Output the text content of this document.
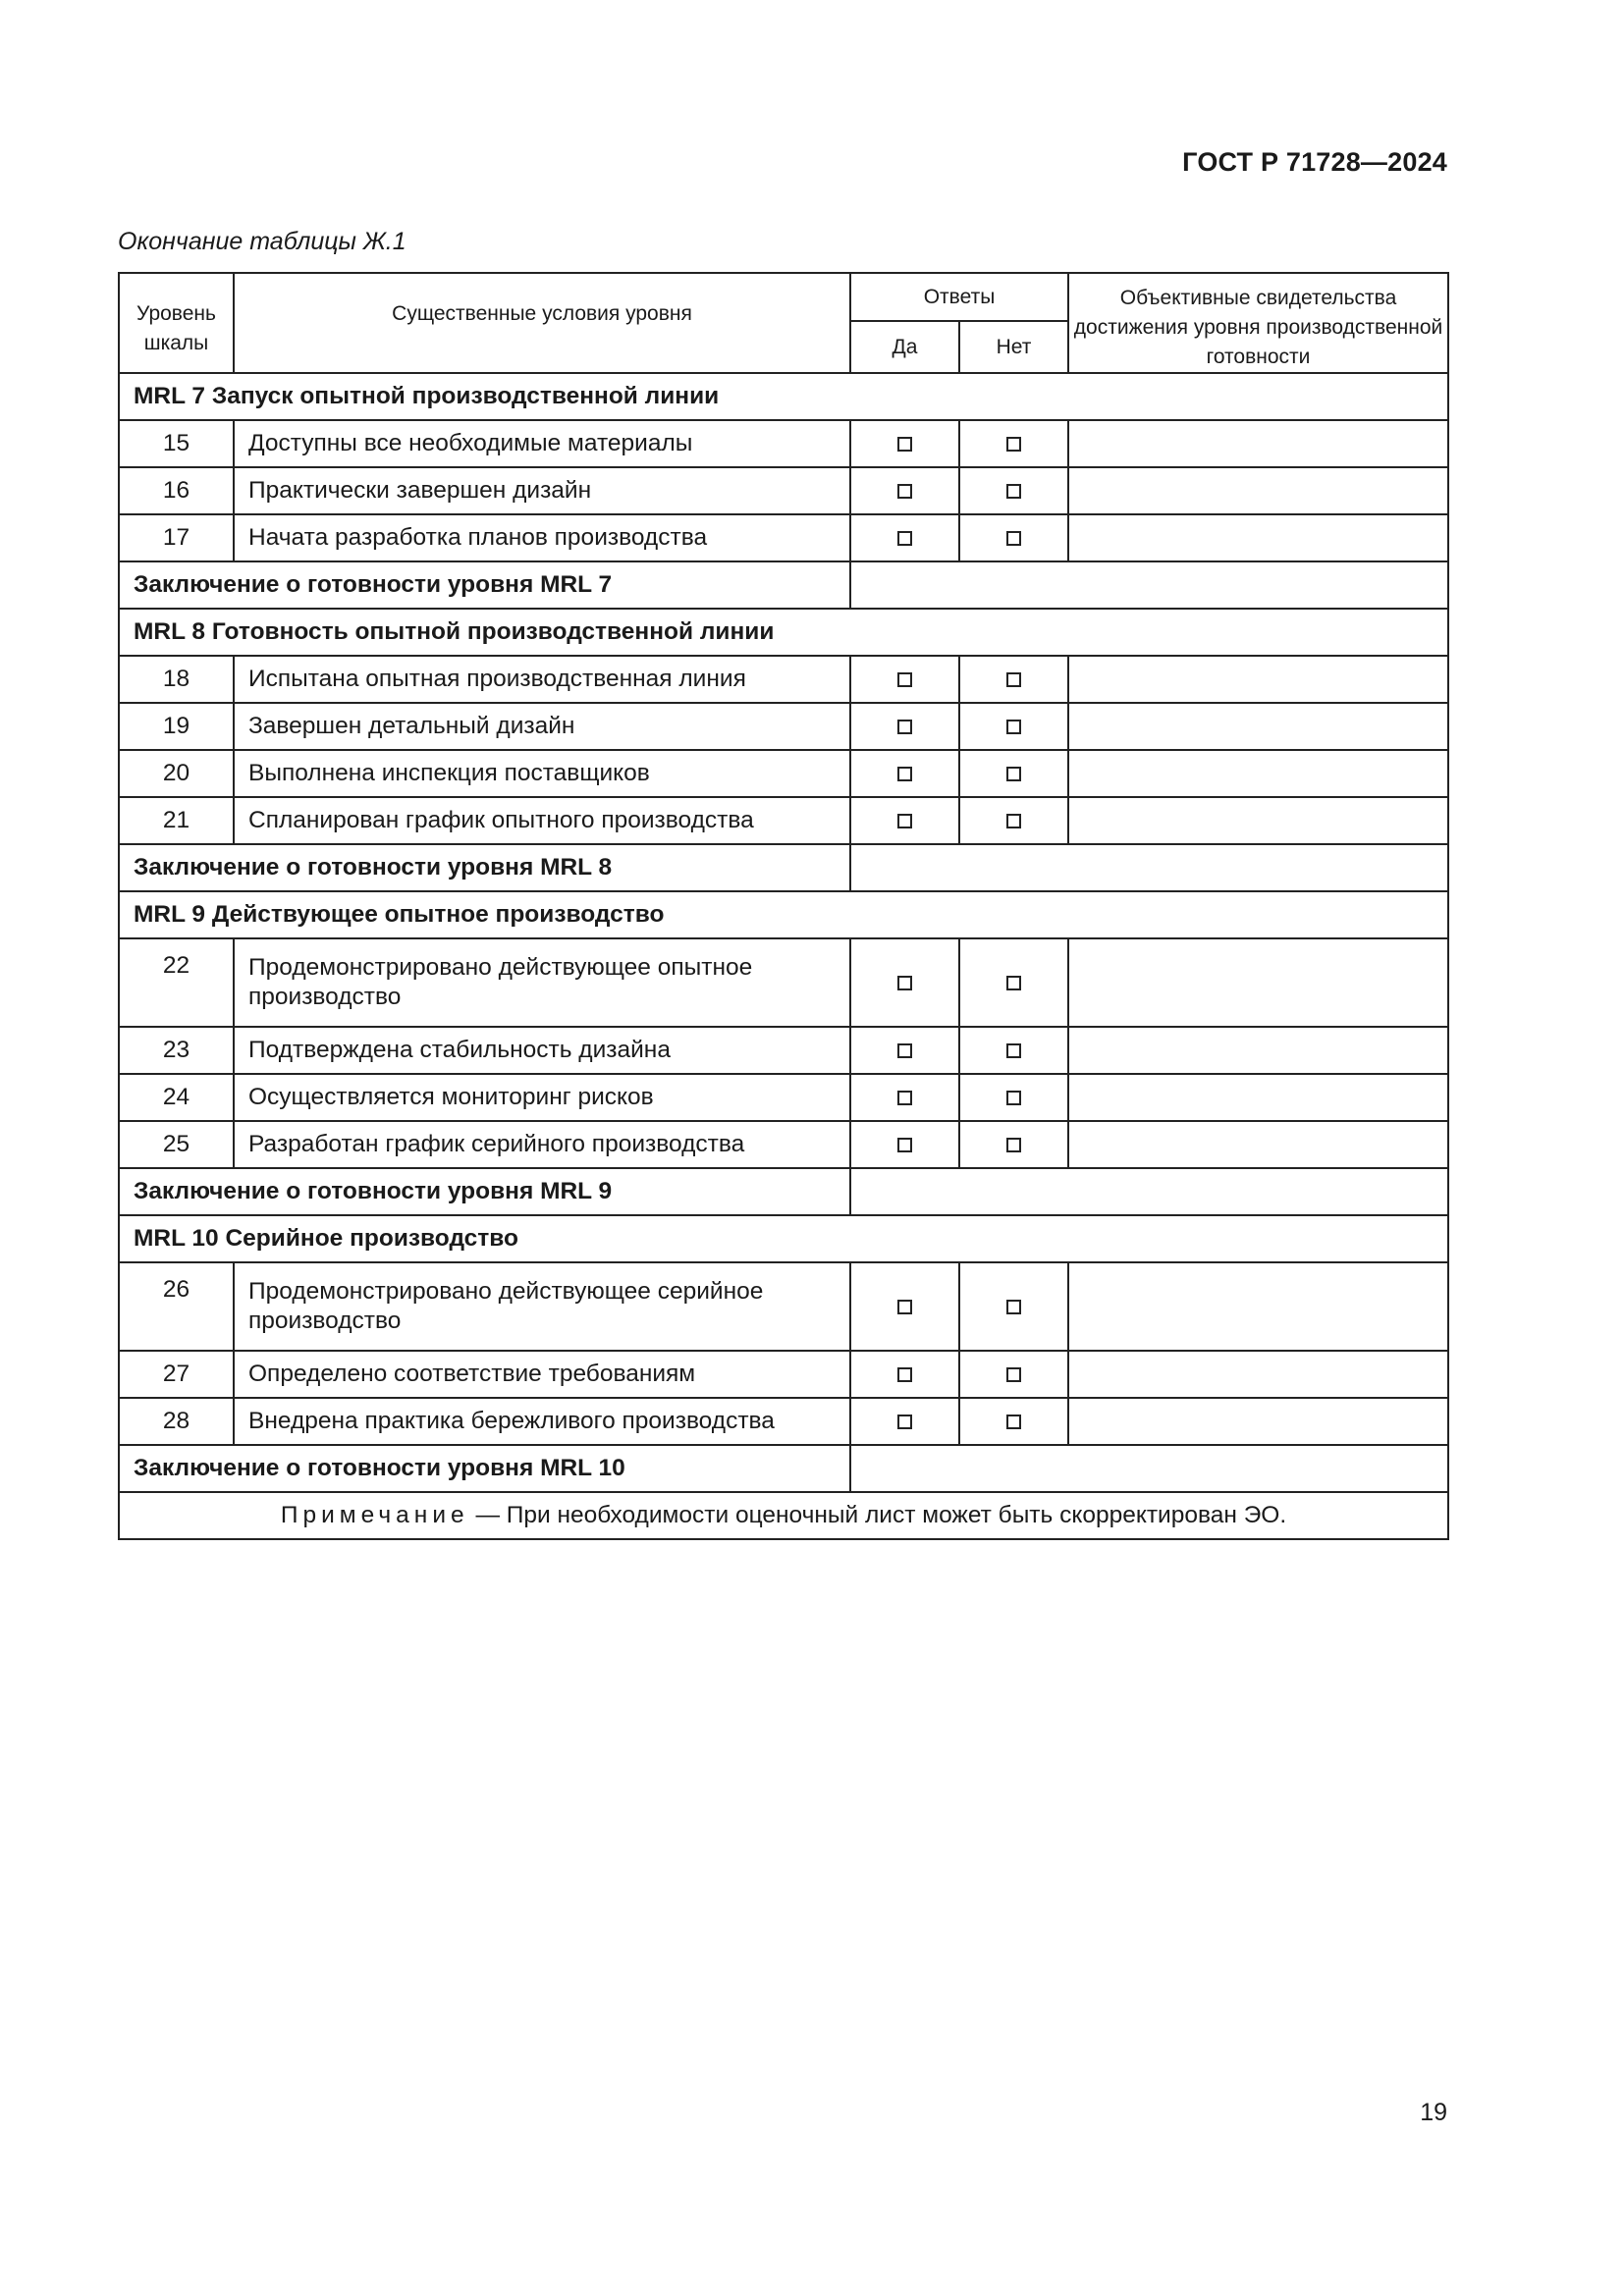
ГОСТ Р 71728—2024
Окончание таблицы Ж.1
Уровень шкалы	Существенные условия уровня	Ответы		Объективные свидетельства достижения уровня производственной готовности
		Да	Нет	
MRL 7 Запуск опытной производственной линии				
15	Доступны все необходимые материалы			
16	Практически завершен дизайн			
17	Начата разработка планов производства			
Заключение о готовности уровня MRL 7				
MRL 8 Готовность опытной производственной линии				
18	Испытана опытная производственная линия			
19	Завершен детальный дизайн			
20	Выполнена инспекция поставщиков			
21	Спланирован график опытного производства			
Заключение о готовности уровня MRL 8				
MRL 9 Действующее опытное производство				
22	Продемонстрировано действующее опытное производство			
23	Подтверждена стабильность дизайна			
24	Осуществляется мониторинг рисков			
25	Разработан график серийного производства			
Заключение о готовности уровня MRL 9				
MRL 10 Серийное производство				
26	Продемонстрировано действующее серийное производство			
27	Определено соответствие требованиям			
28	Внедрена практика бережливого производства			
Заключение о готовности уровня MRL 10				
Примечание — При необходимости оценочный лист может быть скорректирован ЭО.				
19
